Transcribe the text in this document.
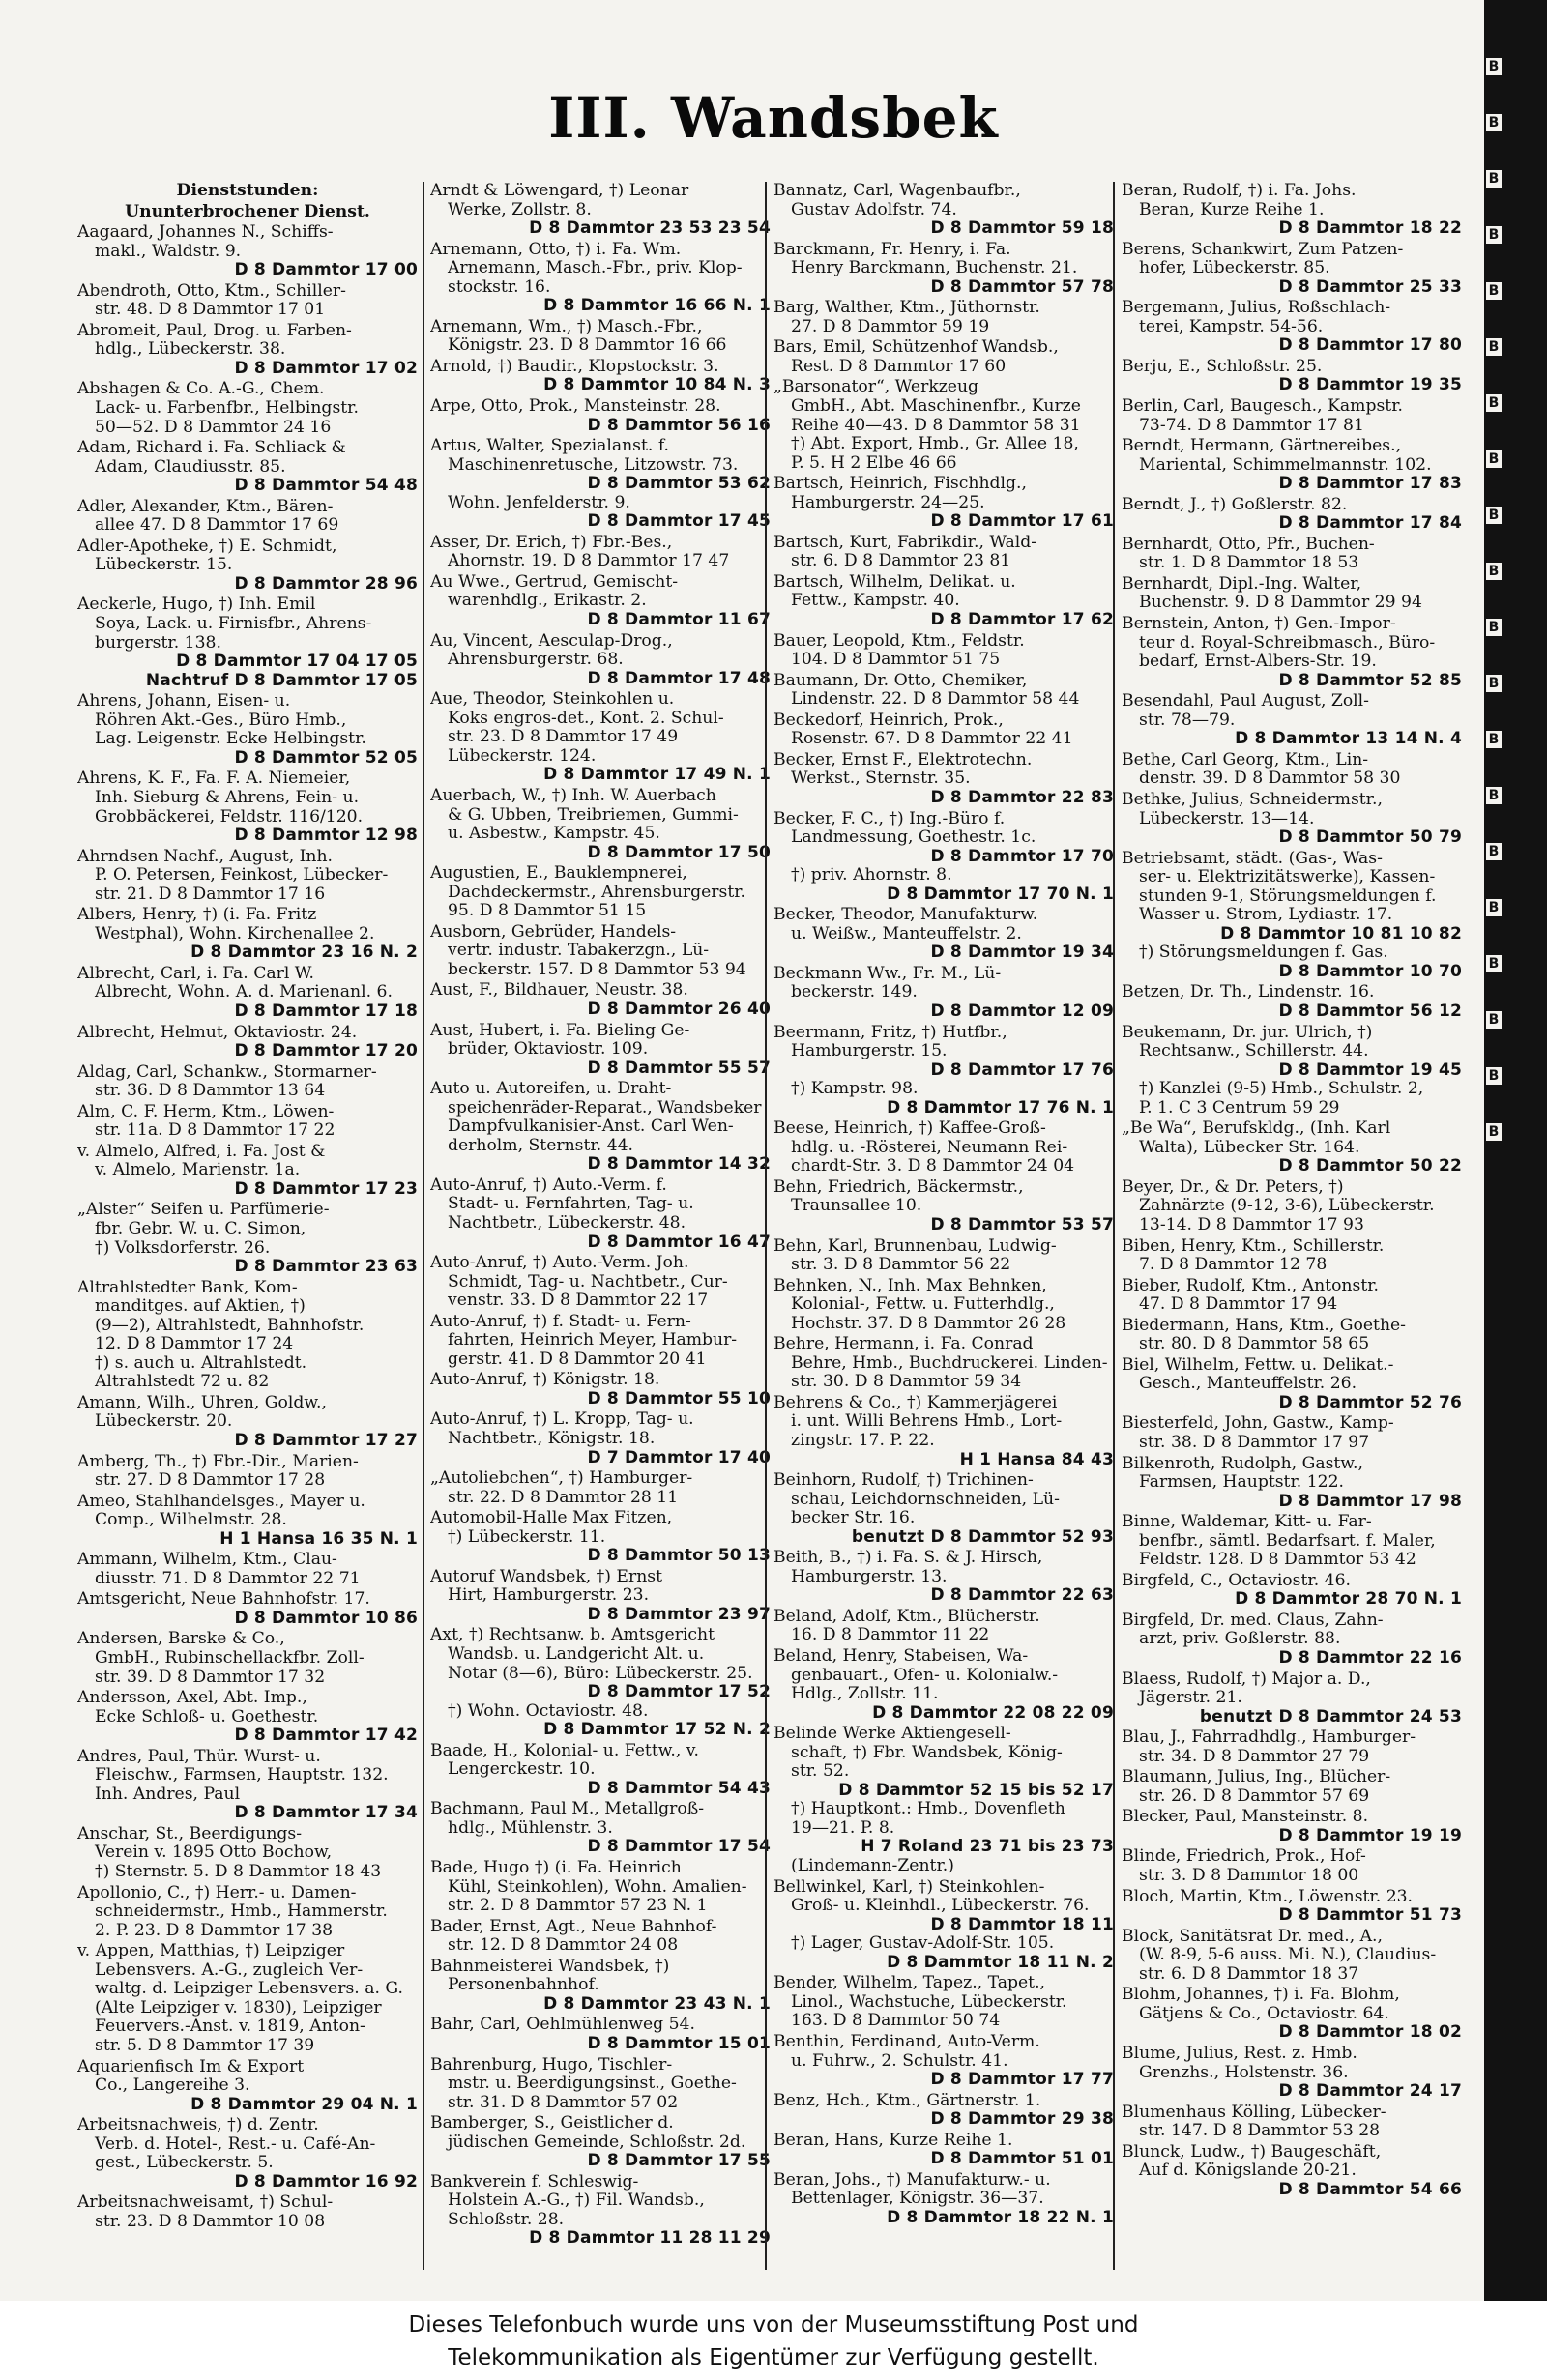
III. Wandsbek
Dienststunden:
Ununterbrochener Dienst.
Aagaard, Johannes N., Schiffs-
makl., Waldstr. 9.
D 8 Dammtor 17 00
Abendroth, Otto, Ktm., Schiller-
str. 48. D 8 Dammtor 17 01
Abromeit, Paul, Drog. u. Farben-
hdlg., Lübeckerstr. 38.
D 8 Dammtor 17 02
Abshagen & Co. A.-G., Chem.
Lack- u. Farbenfbr., Helbingstr.
50—52. D 8 Dammtor 24 16
Adam, Richard i. Fa. Schliack &
Adam, Claudiusstr. 85.
D 8 Dammtor 54 48
Adler, Alexander, Ktm., Bären-
allee 47. D 8 Dammtor 17 69
Adler-Apotheke, †) E. Schmidt,
Lübeckerstr. 15.
D 8 Dammtor 28 96
Aeckerle, Hugo, †) Inh. Emil
Soya, Lack. u. Firnisfbr., Ahrens-
burgerstr. 138.
D 8 Dammtor 17 04 17 05
Nachtruf D 8 Dammtor 17 05
Ahrens, Johann, Eisen- u.
Röhren Akt.-Ges., Büro Hmb.,
Lag. Leigenstr. Ecke Helbingstr.
D 8 Dammtor 52 05
Ahrens, K. F., Fa. F. A. Niemeier,
Inh. Sieburg & Ahrens, Fein- u.
Grobbäckerei, Feldstr. 116/120.
D 8 Dammtor 12 98
Ahrndsen Nachf., August, Inh.
P. O. Petersen, Feinkost, Lübecker-
str. 21. D 8 Dammtor 17 16
Albers, Henry, †) (i. Fa. Fritz
Westphal), Wohn. Kirchenallee 2.
D 8 Dammtor 23 16 N. 2
Albrecht, Carl, i. Fa. Carl W.
Albrecht, Wohn. A. d. Marienanl. 6.
D 8 Dammtor 17 18
Albrecht, Helmut, Oktaviostr. 24.
D 8 Dammtor 17 20
Aldag, Carl, Schankw., Stormarner-
str. 36. D 8 Dammtor 13 64
Alm, C. F. Herm, Ktm., Löwen-
str. 11a. D 8 Dammtor 17 22
v. Almelo, Alfred, i. Fa. Jost &
v. Almelo, Marienstr. 1a.
D 8 Dammtor 17 23
„Alster“ Seifen u. Parfümerie-
fbr. Gebr. W. u. C. Simon,
†) Volksdorferstr. 26.
D 8 Dammtor 23 63
Altrahlstedter Bank, Kom-
manditges. auf Aktien, †)
(9—2), Altrahlstedt, Bahnhofstr.
12. D 8 Dammtor 17 24
†) s. auch u. Altrahlstedt.
Altrahlstedt 72 u. 82
Amann, Wilh., Uhren, Goldw.,
Lübeckerstr. 20.
D 8 Dammtor 17 27
Amberg, Th., †) Fbr.-Dir., Marien-
str. 27. D 8 Dammtor 17 28
Ameo, Stahlhandelsges., Mayer u.
Comp., Wilhelmstr. 28.
H 1 Hansa 16 35 N. 1
Ammann, Wilhelm, Ktm., Clau-
diusstr. 71. D 8 Dammtor 22 71
Amtsgericht, Neue Bahnhofstr. 17.
D 8 Dammtor 10 86
Andersen, Barske & Co.,
GmbH., Rubinschellackfbr. Zoll-
str. 39. D 8 Dammtor 17 32
Andersson, Axel, Abt. Imp.,
Ecke Schloß- u. Goethestr.
D 8 Dammtor 17 42
Andres, Paul, Thür. Wurst- u.
Fleischw., Farmsen, Hauptstr. 132.
Inh. Andres, Paul
D 8 Dammtor 17 34
Anschar, St., Beerdigungs-
Verein v. 1895 Otto Bochow,
†) Sternstr. 5. D 8 Dammtor 18 43
Apollonio, C., †) Herr.- u. Damen-
schneidermstr., Hmb., Hammerstr.
2. P. 23. D 8 Dammtor 17 38
v. Appen, Matthias, †) Leipziger
Lebensvers. A.-G., zugleich Ver-
waltg. d. Leipziger Lebensvers. a. G.
(Alte Leipziger v. 1830), Leipziger
Feuervers.-Anst. v. 1819, Anton-
str. 5. D 8 Dammtor 17 39
Aquarienfisch Im & Export
Co., Langereihe 3.
D 8 Dammtor 29 04 N. 1
Arbeitsnachweis, †) d. Zentr.
Verb. d. Hotel-, Rest.- u. Café-An-
gest., Lübeckerstr. 5.
D 8 Dammtor 16 92
Arbeitsnachweisamt, †) Schul-
str. 23. D 8 Dammtor 10 08
Arndt & Löwengard, †) Leonar
Werke, Zollstr. 8.
D 8 Dammtor 23 53 23 54
Arnemann, Otto, †) i. Fa. Wm.
Arnemann, Masch.-Fbr., priv. Klop-
stockstr. 16.
D 8 Dammtor 16 66 N. 1
Arnemann, Wm., †) Masch.-Fbr.,
Königstr. 23. D 8 Dammtor 16 66
Arnold, †) Baudir., Klopstockstr. 3.
D 8 Dammtor 10 84 N. 3
Arpe, Otto, Prok., Mansteinstr. 28.
D 8 Dammtor 56 16
Artus, Walter, Spezialanst. f.
Maschinenretusche, Litzowstr. 73.
D 8 Dammtor 53 62
Wohn. Jenfelderstr. 9.
D 8 Dammtor 17 45
Asser, Dr. Erich, †) Fbr.-Bes.,
Ahornstr. 19. D 8 Dammtor 17 47
Au Wwe., Gertrud, Gemischt-
warenhdlg., Erikastr. 2.
D 8 Dammtor 11 67
Au, Vincent, Aesculap-Drog.,
Ahrensburgerstr. 68.
D 8 Dammtor 17 48
Aue, Theodor, Steinkohlen u.
Koks engros-det., Kont. 2. Schul-
str. 23. D 8 Dammtor 17 49
Lübeckerstr. 124.
D 8 Dammtor 17 49 N. 1
Auerbach, W., †) Inh. W. Auerbach
& G. Ubben, Treibriemen, Gummi-
u. Asbestw., Kampstr. 45.
D 8 Dammtor 17 50
Augustien, E., Bauklempnerei,
Dachdeckermstr., Ahrensburgerstr.
95. D 8 Dammtor 51 15
Ausborn, Gebrüder, Handels-
vertr. industr. Tabakerzgn., Lü-
beckerstr. 157. D 8 Dammtor 53 94
Aust, F., Bildhauer, Neustr. 38.
D 8 Dammtor 26 40
Aust, Hubert, i. Fa. Bieling Ge-
brüder, Oktaviostr. 109.
D 8 Dammtor 55 57
Auto u. Autoreifen, u. Draht-
speichenräder-Reparat., Wandsbeker
Dampfvulkanisier-Anst. Carl Wen-
derholm, Sternstr. 44.
D 8 Dammtor 14 32
Auto-Anruf, †) Auto.-Verm. f.
Stadt- u. Fernfahrten, Tag- u.
Nachtbetr., Lübeckerstr. 48.
D 8 Dammtor 16 47
Auto-Anruf, †) Auto.-Verm. Joh.
Schmidt, Tag- u. Nachtbetr., Cur-
venstr. 33. D 8 Dammtor 22 17
Auto-Anruf, †) f. Stadt- u. Fern-
fahrten, Heinrich Meyer, Hambur-
gerstr. 41. D 8 Dammtor 20 41
Auto-Anruf, †) Königstr. 18.
D 8 Dammtor 55 10
Auto-Anruf, †) L. Kropp, Tag- u.
Nachtbetr., Königstr. 18.
D 7 Dammtor 17 40
„Autoliebchen“, †) Hamburger-
str. 22. D 8 Dammtor 28 11
Automobil-Halle Max Fitzen,
†) Lübeckerstr. 11.
D 8 Dammtor 50 13
Autoruf Wandsbek, †) Ernst
Hirt, Hamburgerstr. 23.
D 8 Dammtor 23 97
Axt, †) Rechtsanw. b. Amtsgericht
Wandsb. u. Landgericht Alt. u.
Notar (8—6), Büro: Lübeckerstr. 25.
D 8 Dammtor 17 52
†) Wohn. Octaviostr. 48.
D 8 Dammtor 17 52 N. 2
Baade, H., Kolonial- u. Fettw., v.
Lengerckestr. 10.
D 8 Dammtor 54 43
Bachmann, Paul M., Metallgroß-
hdlg., Mühlenstr. 3.
D 8 Dammtor 17 54
Bade, Hugo †) (i. Fa. Heinrich
Kühl, Steinkohlen), Wohn. Amalien-
str. 2. D 8 Dammtor 57 23 N. 1
Bader, Ernst, Agt., Neue Bahnhof-
str. 12. D 8 Dammtor 24 08
Bahnmeisterei Wandsbek, †)
Personenbahnhof.
D 8 Dammtor 23 43 N. 1
Bahr, Carl, Oehlmühlenweg 54.
D 8 Dammtor 15 01
Bahrenburg, Hugo, Tischler-
mstr. u. Beerdigungsinst., Goethe-
str. 31. D 8 Dammtor 57 02
Bamberger, S., Geistlicher d.
jüdischen Gemeinde, Schloßstr. 2d.
D 8 Dammtor 17 55
Bankverein f. Schleswig-
Holstein A.-G., †) Fil. Wandsb.,
Schloßstr. 28.
D 8 Dammtor 11 28 11 29
Bannatz, Carl, Wagenbaufbr.,
Gustav Adolfstr. 74.
D 8 Dammtor 59 18
Barckmann, Fr. Henry, i. Fa.
Henry Barckmann, Buchenstr. 21.
D 8 Dammtor 57 78
Barg, Walther, Ktm., Jüthornstr.
27. D 8 Dammtor 59 19
Bars, Emil, Schützenhof Wandsb.,
Rest. D 8 Dammtor 17 60
„Barsonator“, Werkzeug
GmbH., Abt. Maschinenfbr., Kurze
Reihe 40—43. D 8 Dammtor 58 31
†) Abt. Export, Hmb., Gr. Allee 18,
P. 5. H 2 Elbe 46 66
Bartsch, Heinrich, Fischhdlg.,
Hamburgerstr. 24—25.
D 8 Dammtor 17 61
Bartsch, Kurt, Fabrikdir., Wald-
str. 6. D 8 Dammtor 23 81
Bartsch, Wilhelm, Delikat. u.
Fettw., Kampstr. 40.
D 8 Dammtor 17 62
Bauer, Leopold, Ktm., Feldstr.
104. D 8 Dammtor 51 75
Baumann, Dr. Otto, Chemiker,
Lindenstr. 22. D 8 Dammtor 58 44
Beckedorf, Heinrich, Prok.,
Rosenstr. 67. D 8 Dammtor 22 41
Becker, Ernst F., Elektrotechn.
Werkst., Sternstr. 35.
D 8 Dammtor 22 83
Becker, F. C., †) Ing.-Büro f.
Landmessung, Goethestr. 1c.
D 8 Dammtor 17 70
†) priv. Ahornstr. 8.
D 8 Dammtor 17 70 N. 1
Becker, Theodor, Manufakturw.
u. Weißw., Manteuffelstr. 2.
D 8 Dammtor 19 34
Beckmann Ww., Fr. M., Lü-
beckerstr. 149.
D 8 Dammtor 12 09
Beermann, Fritz, †) Hutfbr.,
Hamburgerstr. 15.
D 8 Dammtor 17 76
†) Kampstr. 98.
D 8 Dammtor 17 76 N. 1
Beese, Heinrich, †) Kaffee-Groß-
hdlg. u. -Rösterei, Neumann Rei-
chardt-Str. 3. D 8 Dammtor 24 04
Behn, Friedrich, Bäckermstr.,
Traunsallee 10.
D 8 Dammtor 53 57
Behn, Karl, Brunnenbau, Ludwig-
str. 3. D 8 Dammtor 56 22
Behnken, N., Inh. Max Behnken,
Kolonial-, Fettw. u. Futterhdlg.,
Hochstr. 37. D 8 Dammtor 26 28
Behre, Hermann, i. Fa. Conrad
Behre, Hmb., Buchdruckerei. Linden-
str. 30. D 8 Dammtor 59 34
Behrens & Co., †) Kammerjägerei
i. unt. Willi Behrens Hmb., Lort-
zingstr. 17. P. 22.
H 1 Hansa 84 43
Beinhorn, Rudolf, †) Trichinen-
schau, Leichdornschneiden, Lü-
becker Str. 16.
benutzt D 8 Dammtor 52 93
Beith, B., †) i. Fa. S. & J. Hirsch,
Hamburgerstr. 13.
D 8 Dammtor 22 63
Beland, Adolf, Ktm., Blücherstr.
16. D 8 Dammtor 11 22
Beland, Henry, Stabeisen, Wa-
genbauart., Öfen- u. Kolonialw.-
Hdlg., Zollstr. 11.
D 8 Dammtor 22 08 22 09
Belinde Werke Aktiengesell-
schaft, †) Fbr. Wandsbek, König-
str. 52.
D 8 Dammtor 52 15 bis 52 17
†) Hauptkont.: Hmb., Dovenfleth
19—21. P. 8.
H 7 Roland 23 71 bis 23 73
(Lindemann-Zentr.)
Bellwinkel, Karl, †) Steinkohlen-
Groß- u. Kleinhdl., Lübeckerstr. 76.
D 8 Dammtor 18 11
†) Lager, Gustav-Adolf-Str. 105.
D 8 Dammtor 18 11 N. 2
Bender, Wilhelm, Tapez., Tapet.,
Linol., Wachstuche, Lübeckerstr.
163. D 8 Dammtor 50 74
Benthin, Ferdinand, Auto-Verm.
u. Fuhrw., 2. Schulstr. 41.
D 8 Dammtor 17 77
Benz, Hch., Ktm., Gärtnerstr. 1.
D 8 Dammtor 29 38
Beran, Hans, Kurze Reihe 1.
D 8 Dammtor 51 01
Beran, Johs., †) Manufakturw.- u.
Bettenlager, Königstr. 36—37.
D 8 Dammtor 18 22 N. 1
Beran, Rudolf, †) i. Fa. Johs.
Beran, Kurze Reihe 1.
D 8 Dammtor 18 22
Berens, Schankwirt, Zum Patzen-
hofer, Lübeckerstr. 85.
D 8 Dammtor 25 33
Bergemann, Julius, Roßschlach-
terei, Kampstr. 54-56.
D 8 Dammtor 17 80
Berju, E., Schloßstr. 25.
D 8 Dammtor 19 35
Berlin, Carl, Baugesch., Kampstr.
73-74. D 8 Dammtor 17 81
Berndt, Hermann, Gärtnereibes.,
Mariental, Schimmelmannstr. 102.
D 8 Dammtor 17 83
Berndt, J., †) Goßlerstr. 82.
D 8 Dammtor 17 84
Bernhardt, Otto, Pfr., Buchen-
str. 1. D 8 Dammtor 18 53
Bernhardt, Dipl.-Ing. Walter,
Buchenstr. 9. D 8 Dammtor 29 94
Bernstein, Anton, †) Gen.-Impor-
teur d. Royal-Schreibmasch., Büro-
bedarf, Ernst-Albers-Str. 19.
D 8 Dammtor 52 85
Besendahl, Paul August, Zoll-
str. 78—79.
D 8 Dammtor 13 14 N. 4
Bethe, Carl Georg, Ktm., Lin-
denstr. 39. D 8 Dammtor 58 30
Bethke, Julius, Schneidermstr.,
Lübeckerstr. 13—14.
D 8 Dammtor 50 79
Betriebsamt, städt. (Gas-, Was-
ser- u. Elektrizitätswerke), Kassen-
stunden 9-1, Störungsmeldungen f.
Wasser u. Strom, Lydiastr. 17.
D 8 Dammtor 10 81 10 82
†) Störungsmeldungen f. Gas.
D 8 Dammtor 10 70
Betzen, Dr. Th., Lindenstr. 16.
D 8 Dammtor 56 12
Beukemann, Dr. jur. Ulrich, †)
Rechtsanw., Schillerstr. 44.
D 8 Dammtor 19 45
†) Kanzlei (9-5) Hmb., Schulstr. 2,
P. 1. C 3 Centrum 59 29
„Be Wa“, Berufskldg., (Inh. Karl
Walta), Lübecker Str. 164.
D 8 Dammtor 50 22
Beyer, Dr., & Dr. Peters, †)
Zahnärzte (9-12, 3-6), Lübeckerstr.
13-14. D 8 Dammtor 17 93
Biben, Henry, Ktm., Schillerstr.
7. D 8 Dammtor 12 78
Bieber, Rudolf, Ktm., Antonstr.
47. D 8 Dammtor 17 94
Biedermann, Hans, Ktm., Goethe-
str. 80. D 8 Dammtor 58 65
Biel, Wilhelm, Fettw. u. Delikat.-
Gesch., Manteuffelstr. 26.
D 8 Dammtor 52 76
Biesterfeld, John, Gastw., Kamp-
str. 38. D 8 Dammtor 17 97
Bilkenroth, Rudolph, Gastw.,
Farmsen, Hauptstr. 122.
D 8 Dammtor 17 98
Binne, Waldemar, Kitt- u. Far-
benfbr., sämtl. Bedarfsart. f. Maler,
Feldstr. 128. D 8 Dammtor 53 42
Birgfeld, C., Octaviostr. 46.
D 8 Dammtor 28 70 N. 1
Birgfeld, Dr. med. Claus, Zahn-
arzt, priv. Goßlerstr. 88.
D 8 Dammtor 22 16
Blaess, Rudolf, †) Major a. D.,
Jägerstr. 21.
benutzt D 8 Dammtor 24 53
Blau, J., Fahrradhdlg., Hamburger-
str. 34. D 8 Dammtor 27 79
Blaumann, Julius, Ing., Blücher-
str. 26. D 8 Dammtor 57 69
Blecker, Paul, Mansteinstr. 8.
D 8 Dammtor 19 19
Blinde, Friedrich, Prok., Hof-
str. 3. D 8 Dammtor 18 00
Bloch, Martin, Ktm., Löwenstr. 23.
D 8 Dammtor 51 73
Block, Sanitätsrat Dr. med., A.,
(W. 8-9, 5-6 auss. Mi. N.), Claudius-
str. 6. D 8 Dammtor 18 37
Blohm, Johannes, †) i. Fa. Blohm,
Gätjens & Co., Octaviostr. 64.
D 8 Dammtor 18 02
Blume, Julius, Rest. z. Hmb.
Grenzhs., Holstenstr. 36.
D 8 Dammtor 24 17
Blumenhaus Kölling, Lübecker-
str. 147. D 8 Dammtor 53 28
Blunck, Ludw., †) Baugeschäft,
Auf d. Königslande 20-21.
D 8 Dammtor 54 66
B
B
B
B
B
B
B
B
B
B
B
B
B
B
B
B
B
B
B
B
Dieses Telefonbuch wurde uns von der Museumsstiftung Post und
Telekommunikation als Eigentümer zur Verfügung gestellt.
